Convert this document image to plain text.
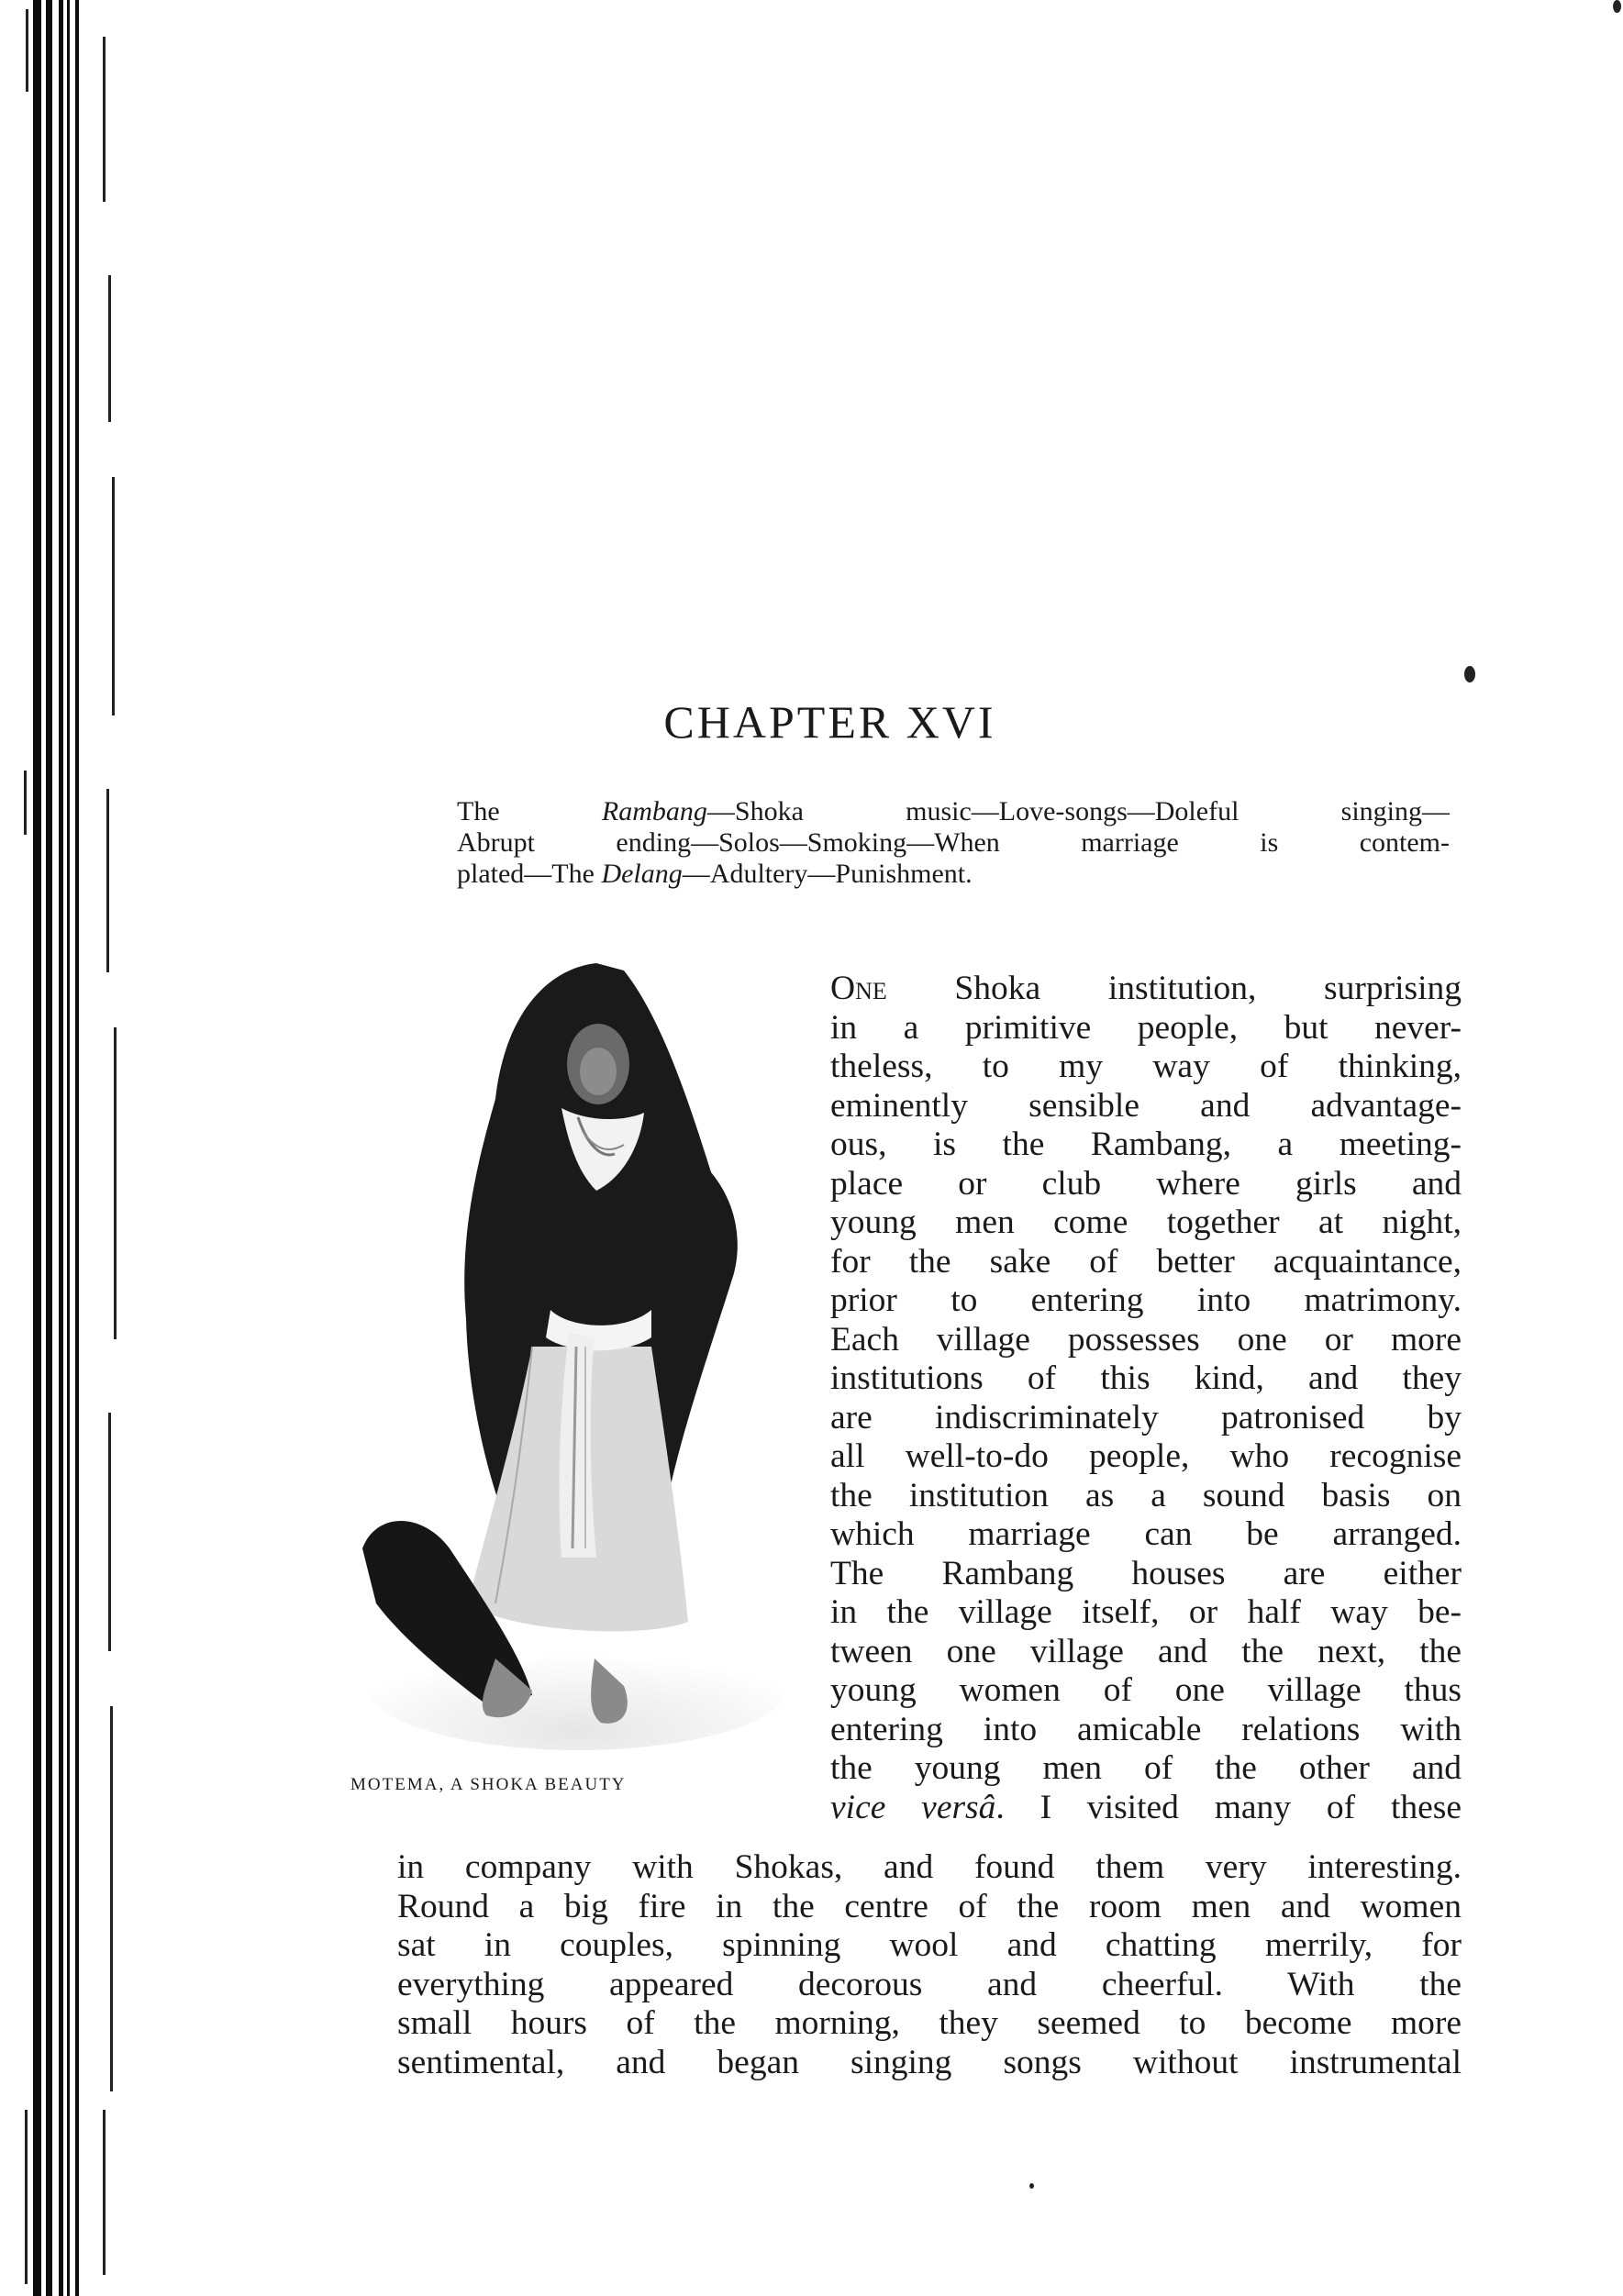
CHAPTER XVI
The Rambang—Shoka music—Love-songs—Doleful singing—
Abrupt ending—Solos—Smoking—When marriage is contem-
plated—The Delang—Adultery—Punishment.
MOTEMA, A SHOKA BEAUTY
One Shoka institution, surprising
in a primitive people, but never-
theless, to my way of thinking,
eminently sensible and advantage-
ous, is the Rambang, a meeting-
place or club where girls and
young men come together at night,
for the sake of better acquaintance,
prior to entering into matrimony.
Each village possesses one or more
institutions of this kind, and they
are indiscriminately patronised by
all well-to-do people, who recognise
the institution as a sound basis on
which marriage can be arranged.
The Rambang houses are either
in the village itself, or half way be-
tween one village and the next, the
young women of one village thus
entering into amicable relations with
the young men of the other and
vice versâ. I visited many of these
in company with Shokas, and found them very interesting.
Round a big fire in the centre of the room men and women
sat in couples, spinning wool and chatting merrily, for
everything appeared decorous and cheerful. With the
small hours of the morning, they seemed to become more
sentimental, and began singing songs without instrumental
